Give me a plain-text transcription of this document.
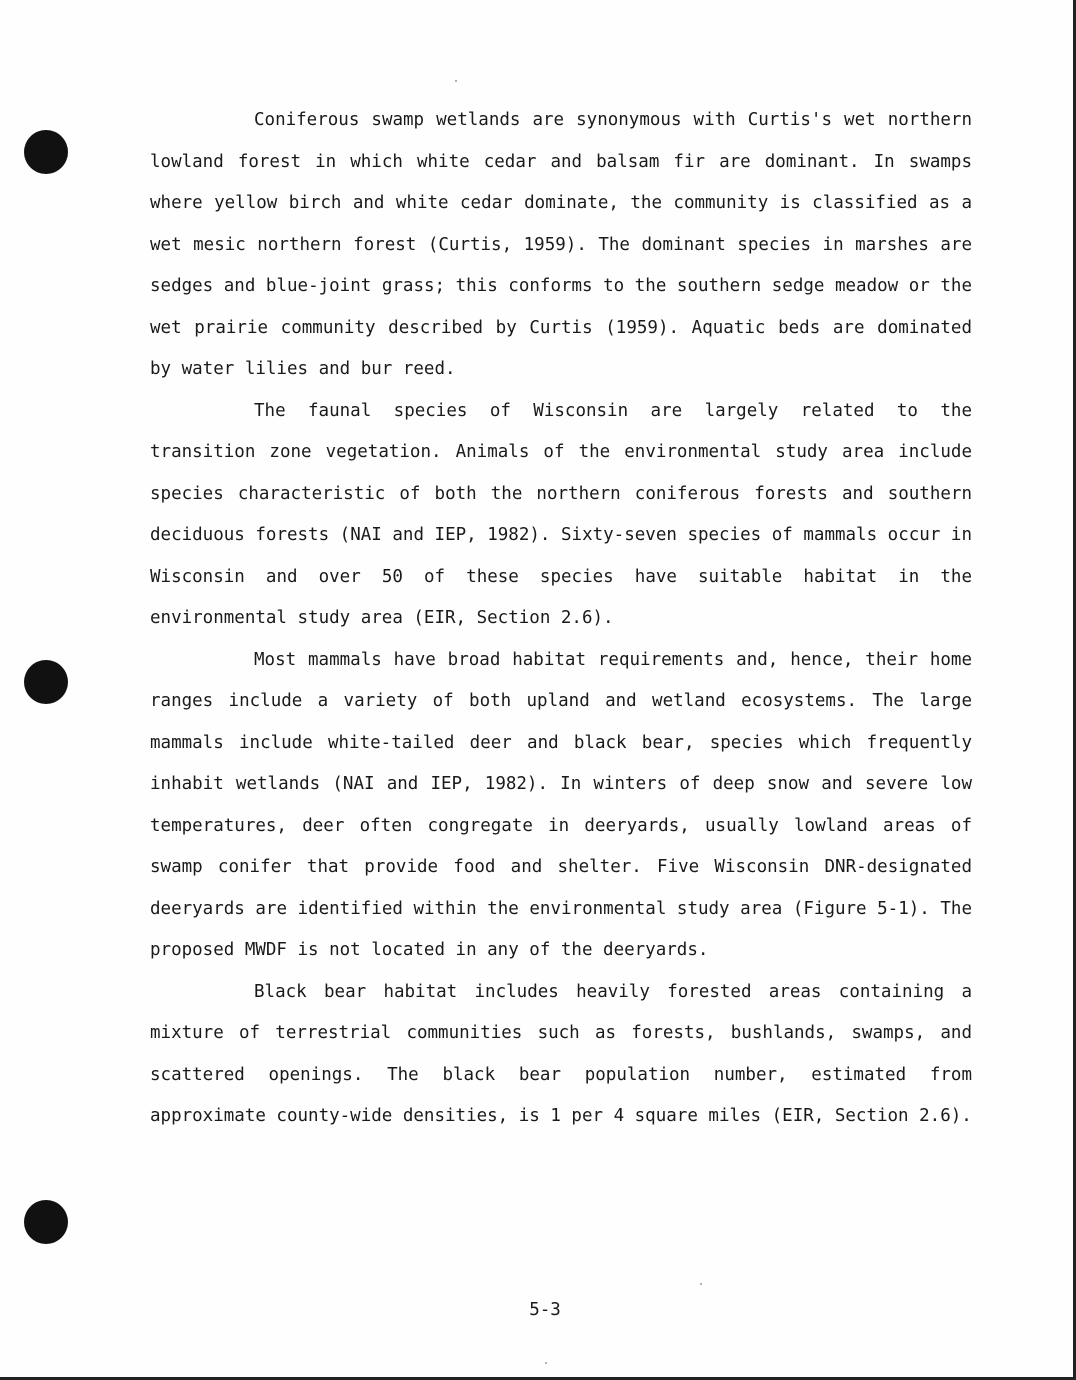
Coniferous swamp wetlands are synonymous with Curtis's wet northern lowland forest in which white cedar and balsam fir are dominant. In swamps where yellow birch and white cedar dominate, the community is classified as a wet mesic northern forest (Curtis, 1959). The dominant species in marshes are sedges and blue-joint grass; this conforms to the southern sedge meadow or the wet prairie community described by Curtis (1959). Aquatic beds are dominated by water lilies and bur reed.

The faunal species of Wisconsin are largely related to the transition zone vegetation. Animals of the environmental study area include species characteristic of both the northern coniferous forests and southern deciduous forests (NAI and IEP, 1982). Sixty-seven species of mammals occur in Wisconsin and over 50 of these species have suitable habitat in the environmental study area (EIR, Section 2.6).

Most mammals have broad habitat requirements and, hence, their home ranges include a variety of both upland and wetland ecosystems. The large mammals include white-tailed deer and black bear, species which frequently inhabit wetlands (NAI and IEP, 1982). In winters of deep snow and severe low temperatures, deer often congregate in deeryards, usually lowland areas of swamp conifer that provide food and shelter. Five Wisconsin DNR-designated deeryards are identified within the environmental study area (Figure 5-1). The proposed MWDF is not located in any of the deeryards.

Black bear habitat includes heavily forested areas containing a mixture of terrestrial communities such as forests, bushlands, swamps, and scattered openings. The black bear population number, estimated from approximate county-wide densities, is 1 per 4 square miles (EIR, Section 2.6).

5-3
